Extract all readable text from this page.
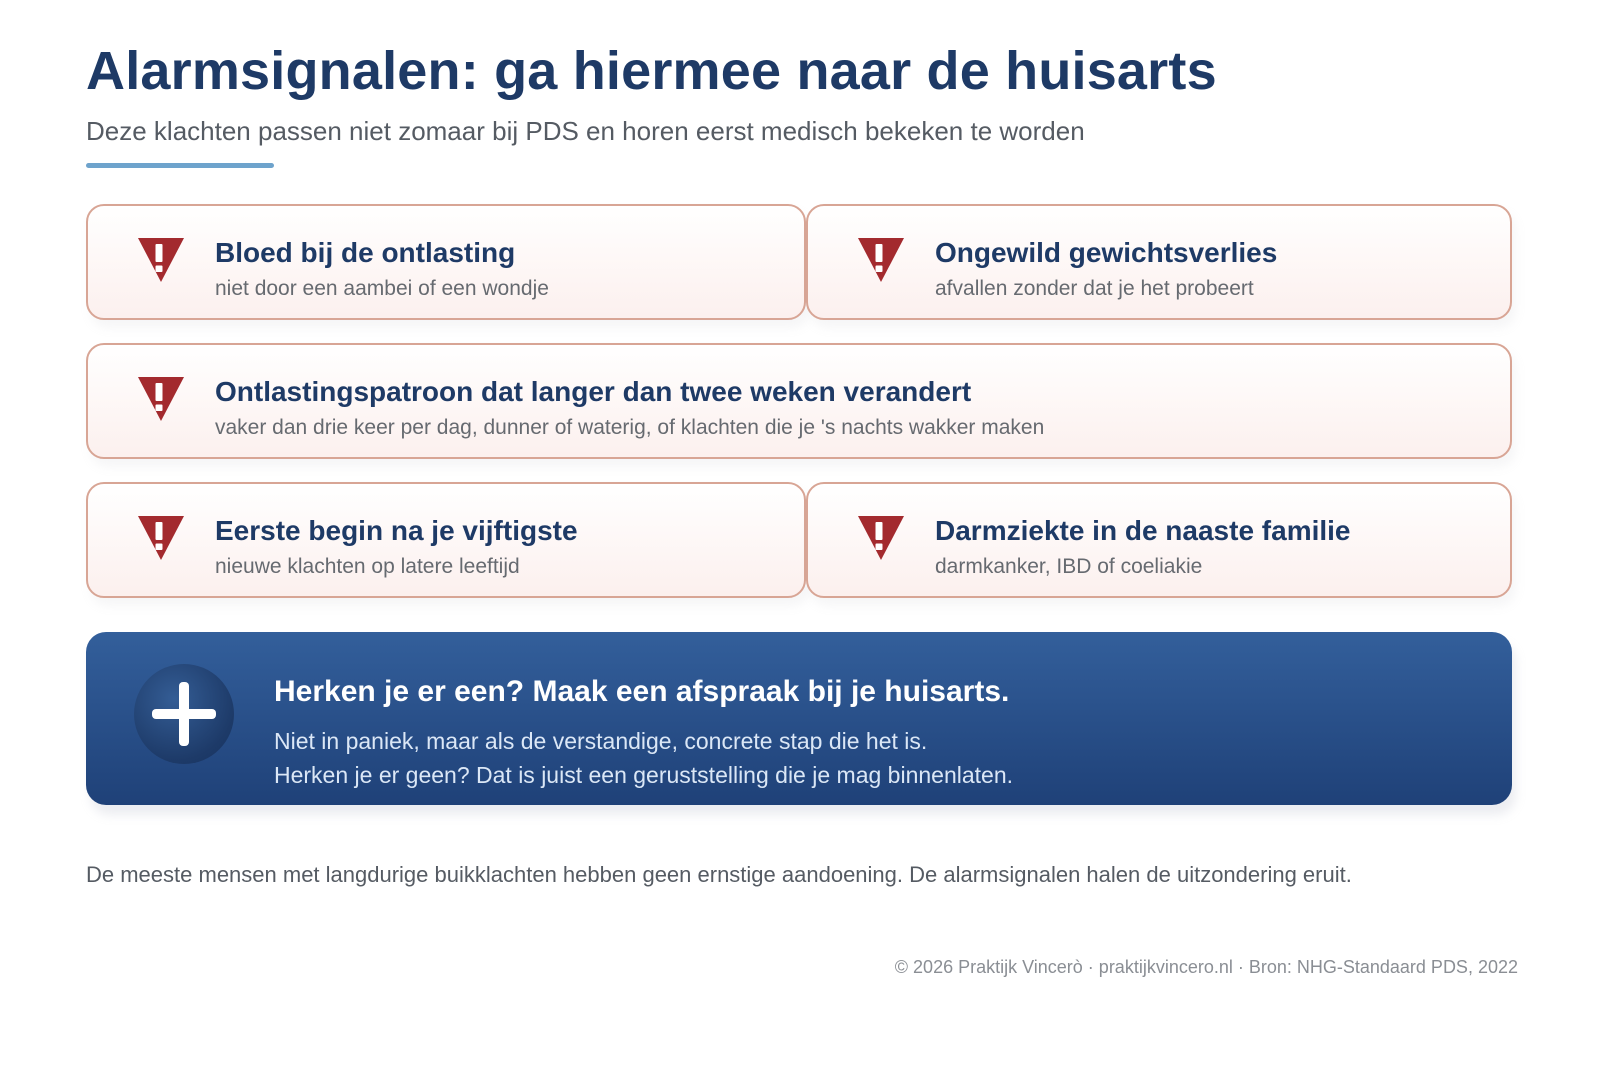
Alarmsignalen: ga hiermee naar de huisarts
Deze klachten passen niet zomaar bij PDS en horen eerst medisch bekeken te worden
Bloed bij de ontlasting
niet door een aambei of een wondje
Ongewild gewichtsverlies
afvallen zonder dat je het probeert
Ontlastingspatroon dat langer dan twee weken verandert
vaker dan drie keer per dag, dunner of waterig, of klachten die je 's nachts wakker maken
Eerste begin na je vijftigste
nieuwe klachten op latere leeftijd
Darmziekte in de naaste familie
darmkanker, IBD of coeliakie
Herken je er een? Maak een afspraak bij je huisarts.
Niet in paniek, maar als de verstandige, concrete stap die het is.
Herken je er geen? Dat is juist een geruststelling die je mag binnenlaten.
De meeste mensen met langdurige buikklachten hebben geen ernstige aandoening. De alarmsignalen halen de uitzondering eruit.
© 2026 Praktijk Vincerò · praktijkvincero.nl · Bron: NHG-Standaard PDS, 2022
